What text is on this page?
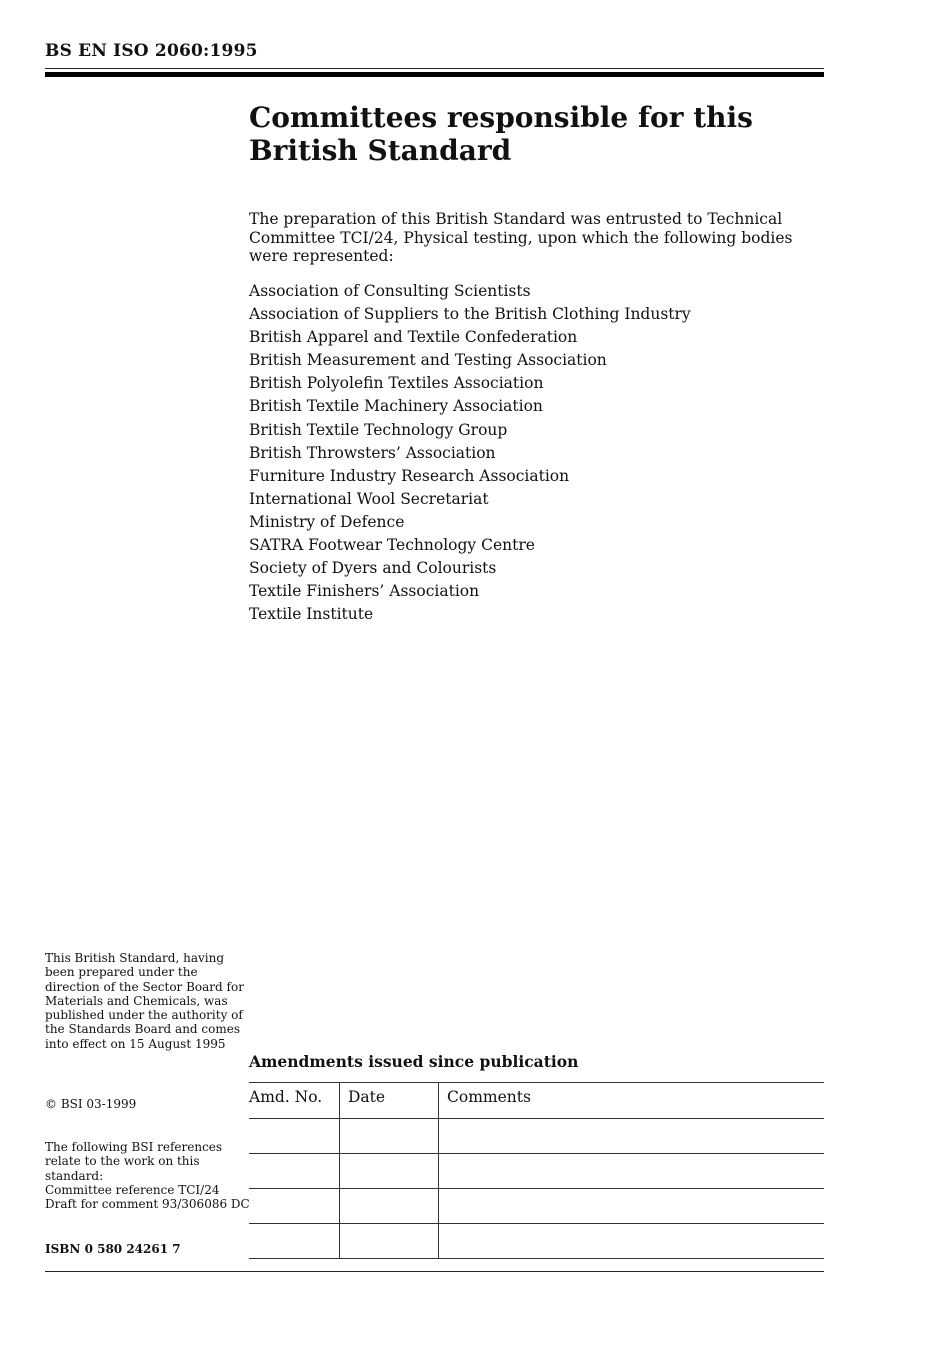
BS EN ISO 2060:1995
Committees responsible for this British Standard
The preparation of this British Standard was entrusted to Technical Committee TCI/24, Physical testing, upon which the following bodies were represented:
Association of Consulting Scientists
Association of Suppliers to the British Clothing Industry
British Apparel and Textile Confederation
British Measurement and Testing Association
British Polyolefin Textiles Association
British Textile Machinery Association
British Textile Technology Group
British Throwsters’ Association
Furniture Industry Research Association
International Wool Secretariat
Ministry of Defence
SATRA Footwear Technology Centre
Society of Dyers and Colourists
Textile Finishers’ Association
Textile Institute
This British Standard, having been prepared under the direction of the Sector Board for Materials and Chemicals, was published under the authority of the Standards Board and comes into effect on 15 August 1995
© BSI 03-1999
The following BSI references relate to the work on this standard:
Committee reference TCI/24
Draft for comment 93/306086 DC
ISBN 0 580 24261 7
Amendments issued since publication
Amd. No.	Date	Comments
